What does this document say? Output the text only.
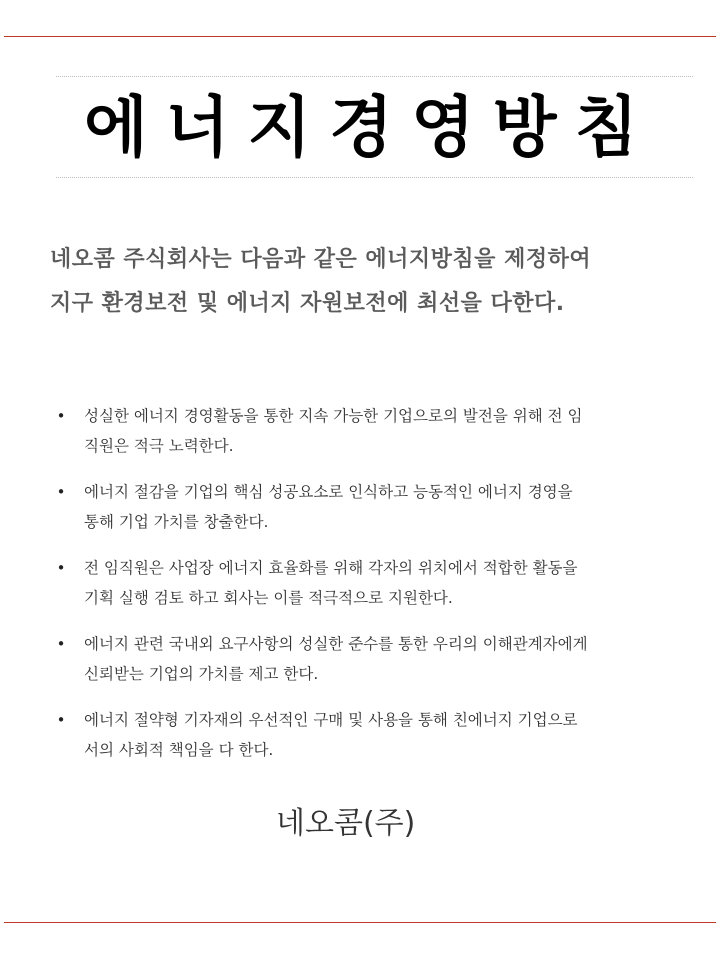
에너지경영방침
네오콤 주식회사는 다음과 같은 에너지방침을 제정하여
지구 환경보전 및 에너지 자원보전에 최선을 다한다.
• 성실한 에너지 경영활동을 통한 지속 가능한 기업으로의 발전을 위해 전 임
직원은 적극 노력한다.
• 에너지 절감을 기업의 핵심 성공요소로 인식하고 능동적인 에너지 경영을
통해 기업 가치를 창출한다.
• 전 임직원은 사업장 에너지 효율화를 위해 각자의 위치에서 적합한 활동을
기획 실행 검토 하고 회사는 이를 적극적으로 지원한다.
• 에너지 관련 국내외 요구사항의 성실한 준수를 통한 우리의 이해관계자에게
신뢰받는 기업의 가치를 제고 한다.
• 에너지 절약형 기자재의 우선적인 구매 및 사용을 통해 친에너지 기업으로
서의 사회적 책임을 다 한다.
네오콤(주)
